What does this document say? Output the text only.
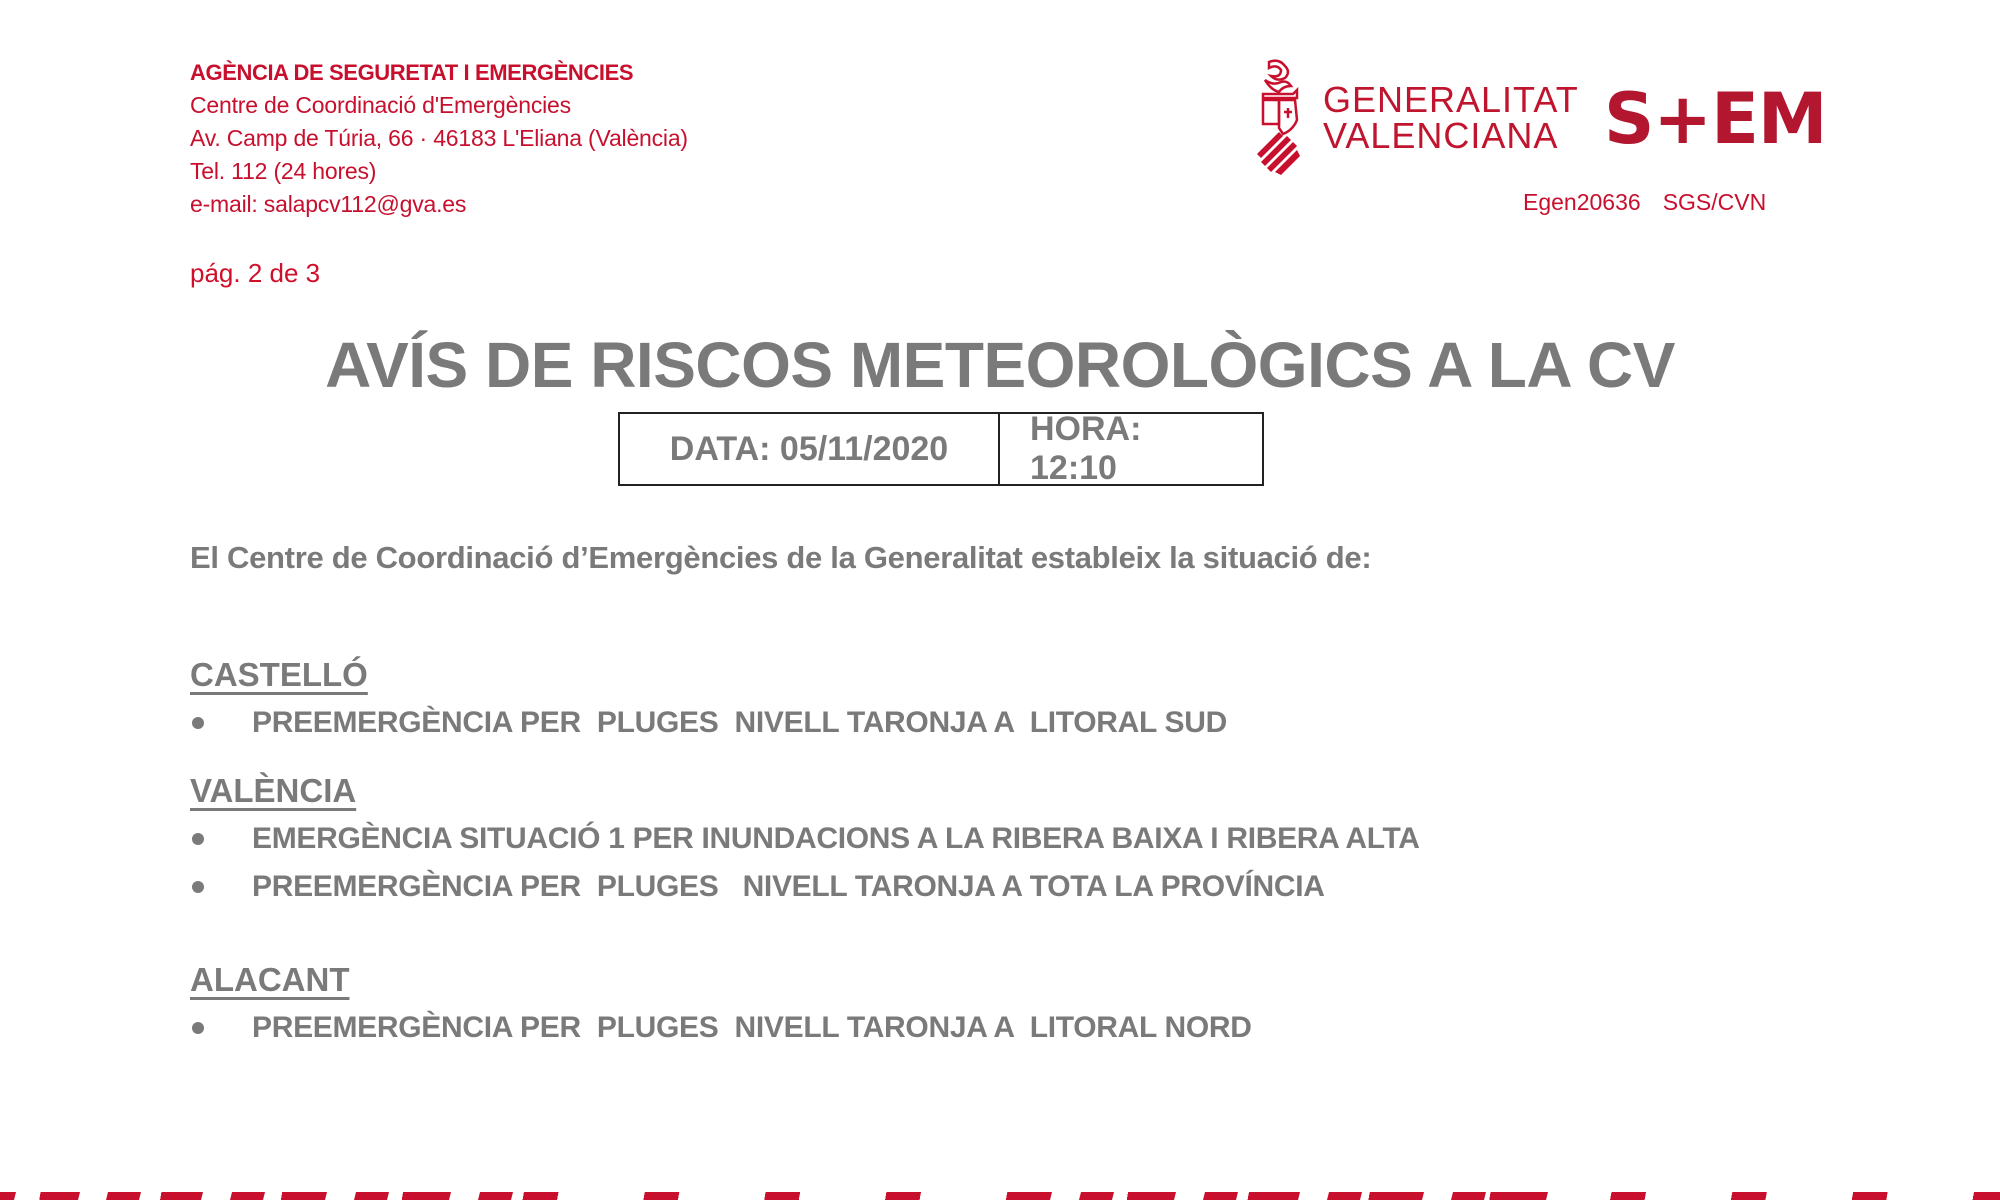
AGÈNCIA DE SEGURETAT I EMERGÈNCIES
Centre de Coordinació d'Emergències
Av. Camp de Túria, 66 · 46183 L'Eliana (València)
Tel. 112 (24 hores)
e-mail: salapcv112@gva.es
pág. 2 de 3
GENERALITAT
VALENCIANA S+EM
Egen20636 SGS/CVN
AVÍS DE RISCOS METEOROLÒGICS A LA CV
DATA: 05/11/2020
HORA: 12:10
El Centre de Coordinació d’Emergències de la Generalitat estableix la situació de:
CASTELLÓ
PREEMERGÈNCIA PER  PLUGES  NIVELL TARONJA A  LITORAL SUD
VALÈNCIA
EMERGÈNCIA SITUACIÓ 1 PER INUNDACIONS A LA RIBERA BAIXA I RIBERA ALTA
PREEMERGÈNCIA PER  PLUGES   NIVELL TARONJA A TOTA LA PROVÍNCIA
ALACANT
PREEMERGÈNCIA PER  PLUGES  NIVELL TARONJA A  LITORAL NORD
